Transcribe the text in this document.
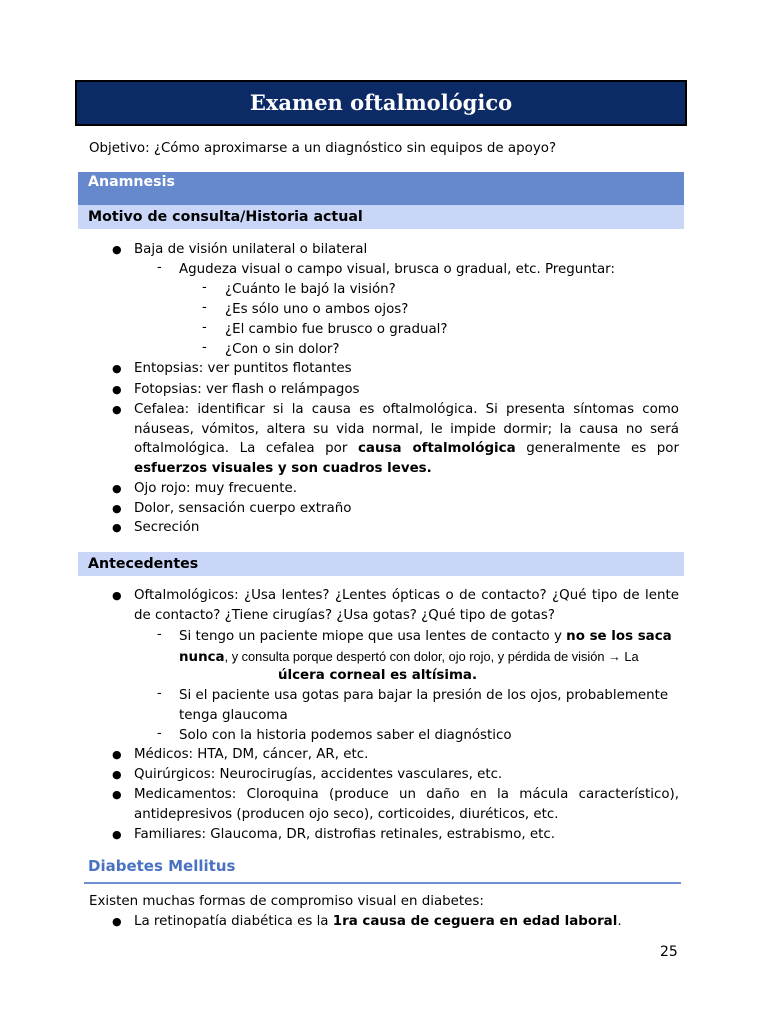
Examen oftalmológico
Objetivo: ¿Cómo aproximarse a un diagnóstico sin equipos de apoyo?
Anamnesis
Motivo de consulta/Historia actual
● Baja de visión unilateral o bilateral
- Agudeza visual o campo visual, brusca o gradual, etc. Preguntar:
- ¿Cuánto le bajó la visión?
- ¿Es sólo uno o ambos ojos?
- ¿El cambio fue brusco o gradual?
- ¿Con o sin dolor?
● Entopsias: ver puntitos flotantes
● Fotopsias: ver flash o relámpagos
● Cefalea: identificar si la causa es oftalmológica. Si presenta síntomas como
náuseas, vómitos, altera su vida normal, le impide dormir; la causa no será
oftalmológica. La cefalea por causa oftalmológica generalmente es por
esfuerzos visuales y son cuadros leves.
● Ojo rojo: muy frecuente.
● Dolor, sensación cuerpo extraño
● Secreción
Antecedentes
● Oftalmológicos: ¿Usa lentes? ¿Lentes ópticas o de contacto? ¿Qué tipo de lente
de contacto? ¿Tiene cirugías? ¿Usa gotas? ¿Qué tipo de gotas?
- Si tengo un paciente miope que usa lentes de contacto y no se los saca
nunca, y consulta porque despertó con dolor, ojo rojo, y pérdida de visión → La
úlcera corneal es altísima.
- Si el paciente usa gotas para bajar la presión de los ojos, probablemente
tenga glaucoma
- Solo con la historia podemos saber el diagnóstico
● Médicos: HTA, DM, cáncer, AR, etc.
● Quirúrgicos: Neurocirugías, accidentes vasculares, etc.
● Medicamentos: Cloroquina (produce un daño en la mácula característico),
antidepresivos (producen ojo seco), corticoides, diuréticos, etc.
● Familiares: Glaucoma, DR, distrofias retinales, estrabismo, etc.
Diabetes Mellitus
Existen muchas formas de compromiso visual en diabetes:
● La retinopatía diabética es la 1ra causa de ceguera en edad laboral.
25
